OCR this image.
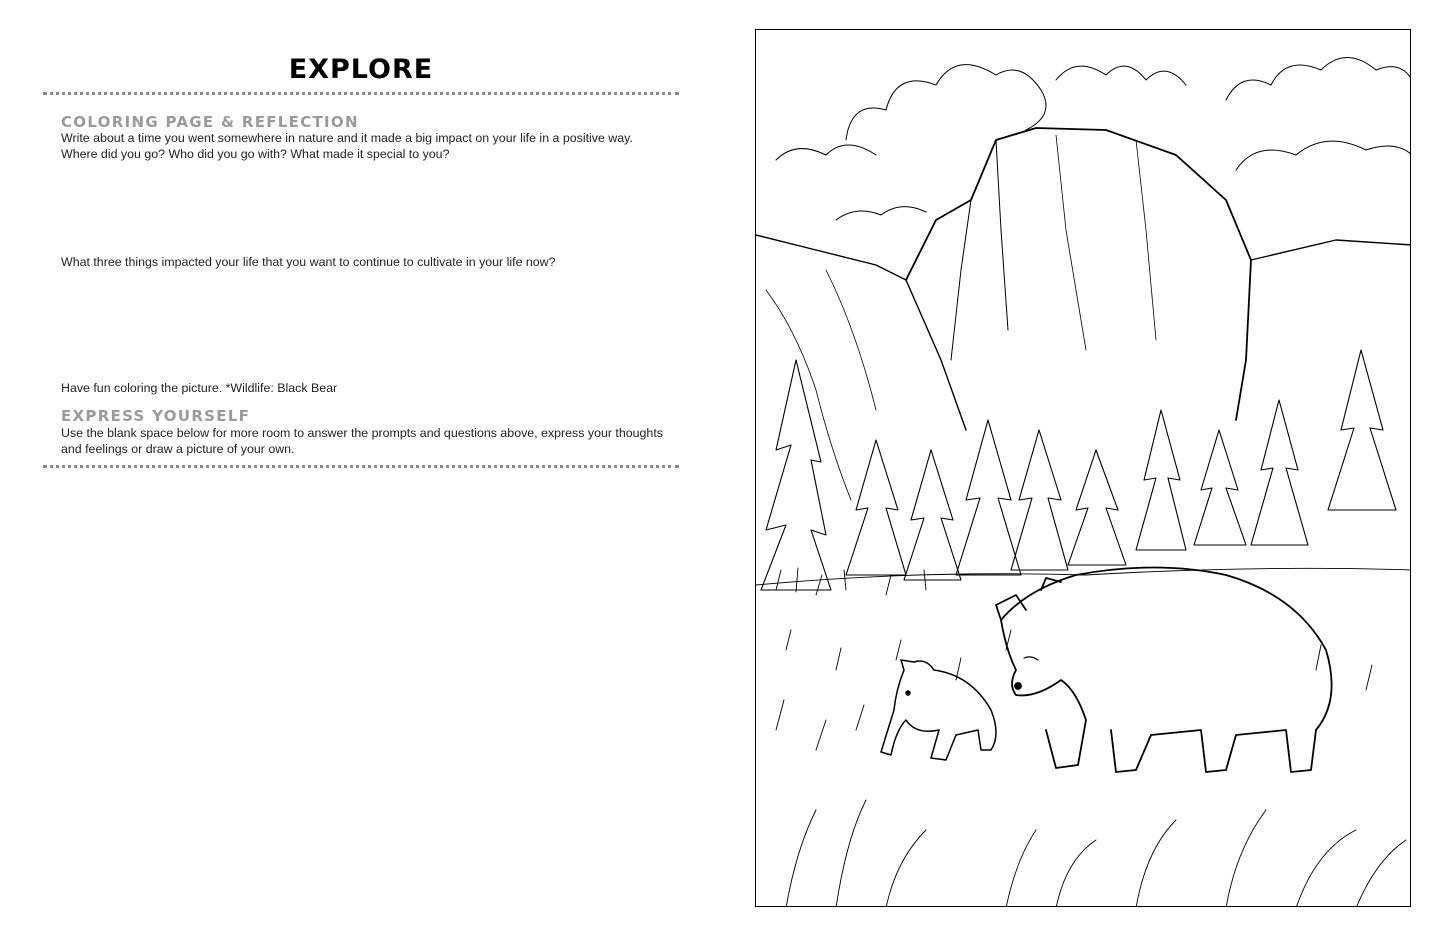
EXPLORE
COLORING PAGE & REFLECTION
Write about a time you went somewhere in nature and it made a big impact on your life in a positive way. Where did you go? Who did you go with? What made it special to you?
What three things impacted your life that you want to continue to cultivate in your life now?
Have fun coloring the picture. *Wildlife: Black Bear
EXPRESS YOURSELF
Use the blank space below for more room to answer the prompts and questions above, express your thoughts and feelings or draw a picture of your own.
